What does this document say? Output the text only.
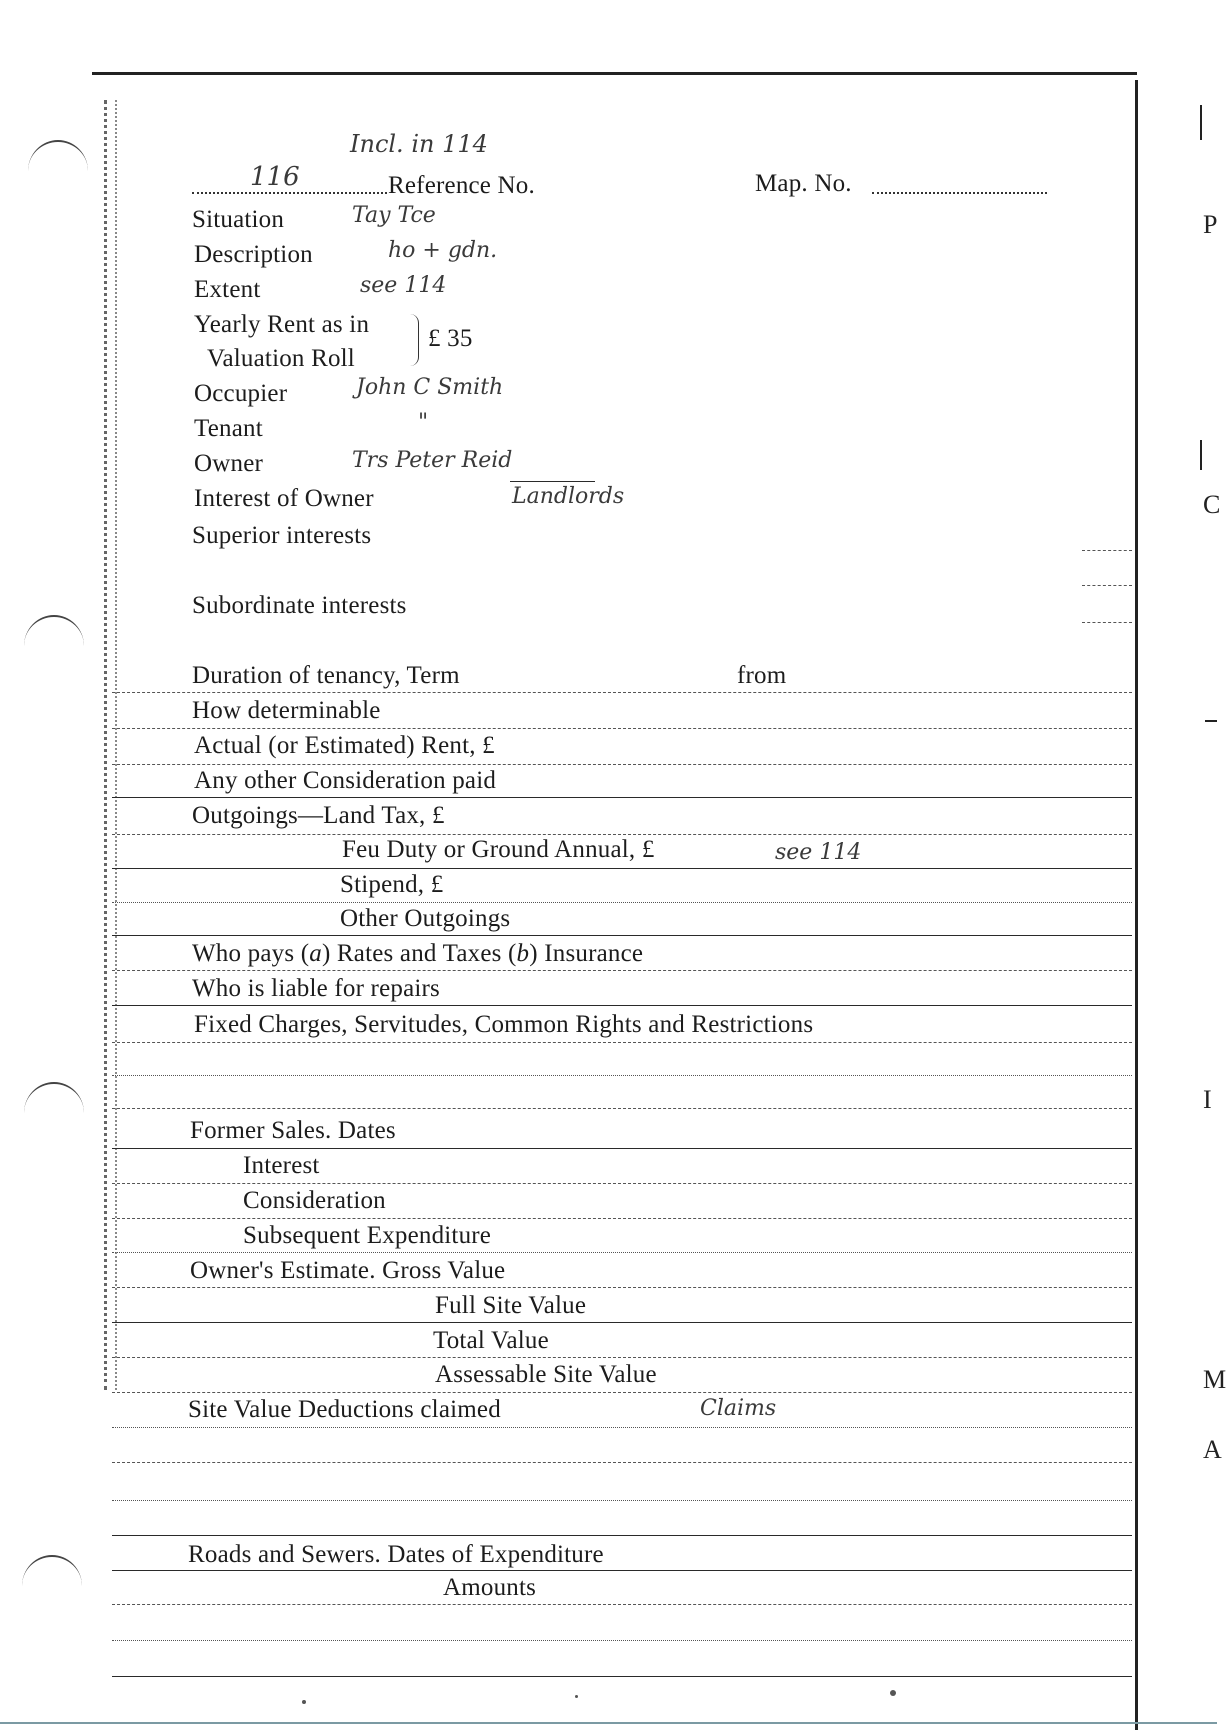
P
C
I
M
A
Incl. in 114
116	Reference No.	Map. No.
Situation	Tay Tce
Description	ho + gdn.
Extent	see 114
Yearly Rent as in
Valuation Roll
£ 35
Occupier	John C Smith
Tenant	"
Owner	Trs Peter Reid
Interest of Owner	Landlords
Superior interests
Subordinate interests
Duration of tenancy, Term	from
How determinable
Actual (or Estimated) Rent, £
Any other Consideration paid
Outgoings—Land Tax, £
Feu Duty or Ground Annual, £	see 114
Stipend, £
Other Outgoings
Who pays (a) Rates and Taxes (b) Insurance
Who is liable for repairs
Fixed Charges, Servitudes, Common Rights and Restrictions
Former Sales. Dates
Interest
Consideration
Subsequent Expenditure
Owner's Estimate. Gross Value
Full Site Value
Total Value
Assessable Site Value
Site Value Deductions claimed	Claims
Roads and Sewers. Dates of Expenditure
Amounts
